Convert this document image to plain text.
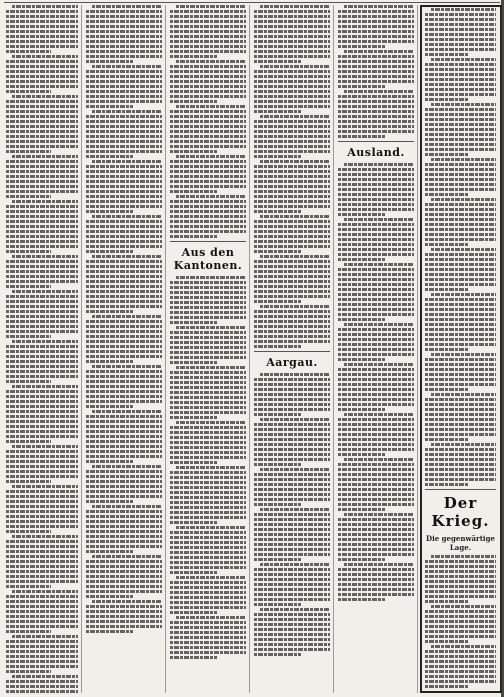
Aus den Kantonen.
Aargau.
Ausland.
Der Krieg.
Die gegenwärtige Lage.
